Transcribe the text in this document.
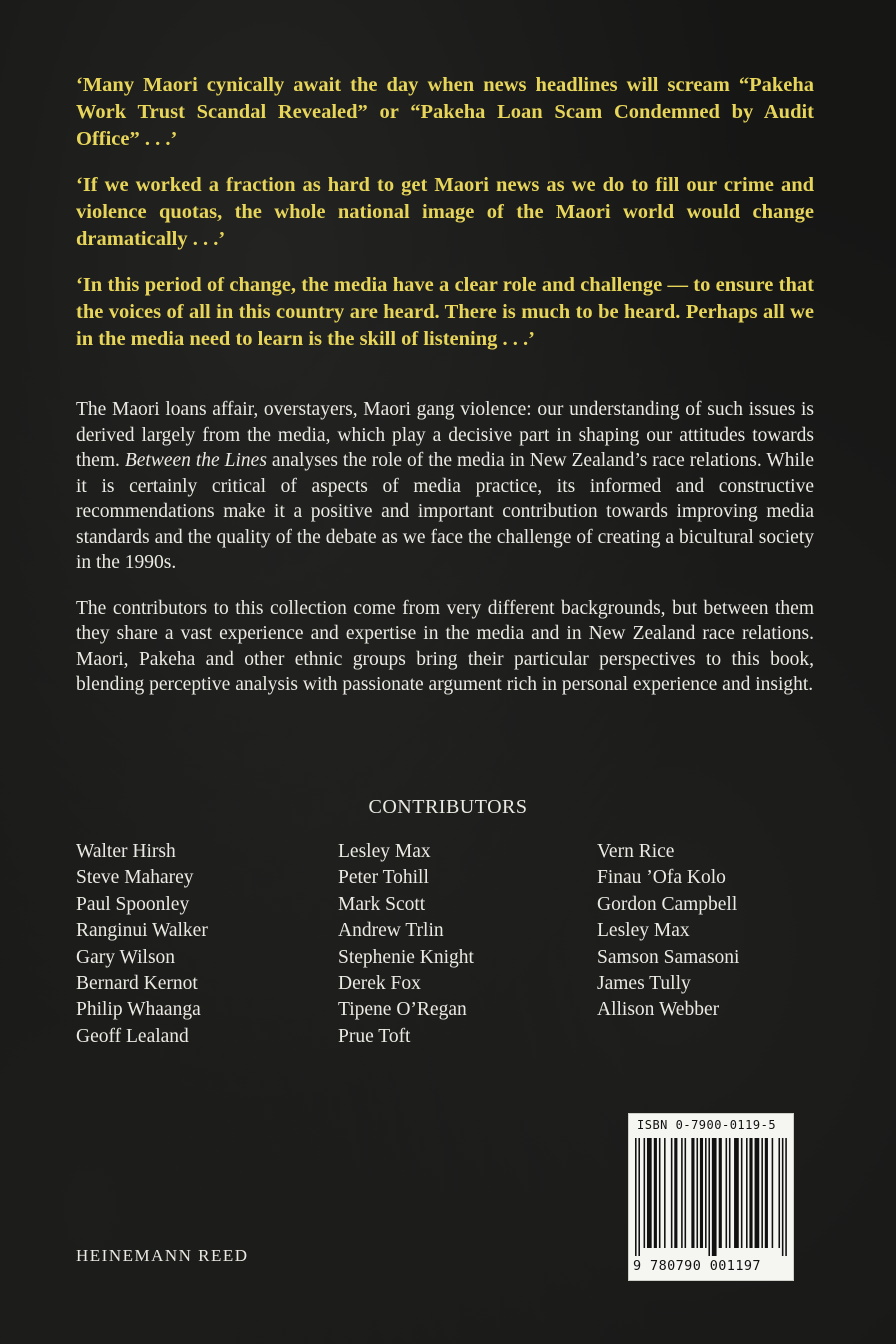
‘Many Maori cynically await the day when news headlines will scream “Pakeha Work Trust Scandal Revealed” or “Pakeha Loan Scam Condemned by Audit Office” . . .’

‘If we worked a fraction as hard to get Maori news as we do to fill our crime and violence quotas, the whole national image of the Maori world would change dramatically . . .’

‘In this period of change, the media have a clear role and challenge — to ensure that the voices of all in this country are heard. There is much to be heard. Perhaps all we in the media need to learn is the skill of listening . . .’

The Maori loans affair, overstayers, Maori gang violence: our understanding of such issues is derived largely from the media, which play a decisive part in shaping our attitudes towards them. Between the Lines analyses the role of the media in New Zealand’s race relations. While it is certainly critical of aspects of media practice, its informed and constructive recommendations make it a positive and important contribution towards improving media standards and the quality of the debate as we face the challenge of creating a bicultural society in the 1990s.

The contributors to this collection come from very different backgrounds, but between them they share a vast experience and expertise in the media and in New Zealand race relations. Maori, Pakeha and other ethnic groups bring their particular perspectives to this book, blending perceptive analysis with passionate argument rich in personal experience and insight.

CONTRIBUTORS
Walter Hirsh
Steve Maharey
Paul Spoonley
Ranginui Walker
Gary Wilson
Bernard Kernot
Philip Whaanga
Geoff Lealand
Lesley Max
Peter Tohill
Mark Scott
Andrew Trlin
Stephenie Knight
Derek Fox
Tipene O’Regan
Prue Toft
Vern Rice
Finau ’Ofa Kolo
Gordon Campbell
Lesley Max
Samson Samasoni
James Tully
Allison Webber
HEINEMANN REED
ISBN 0-7900-0119-5
9 780790 001197
